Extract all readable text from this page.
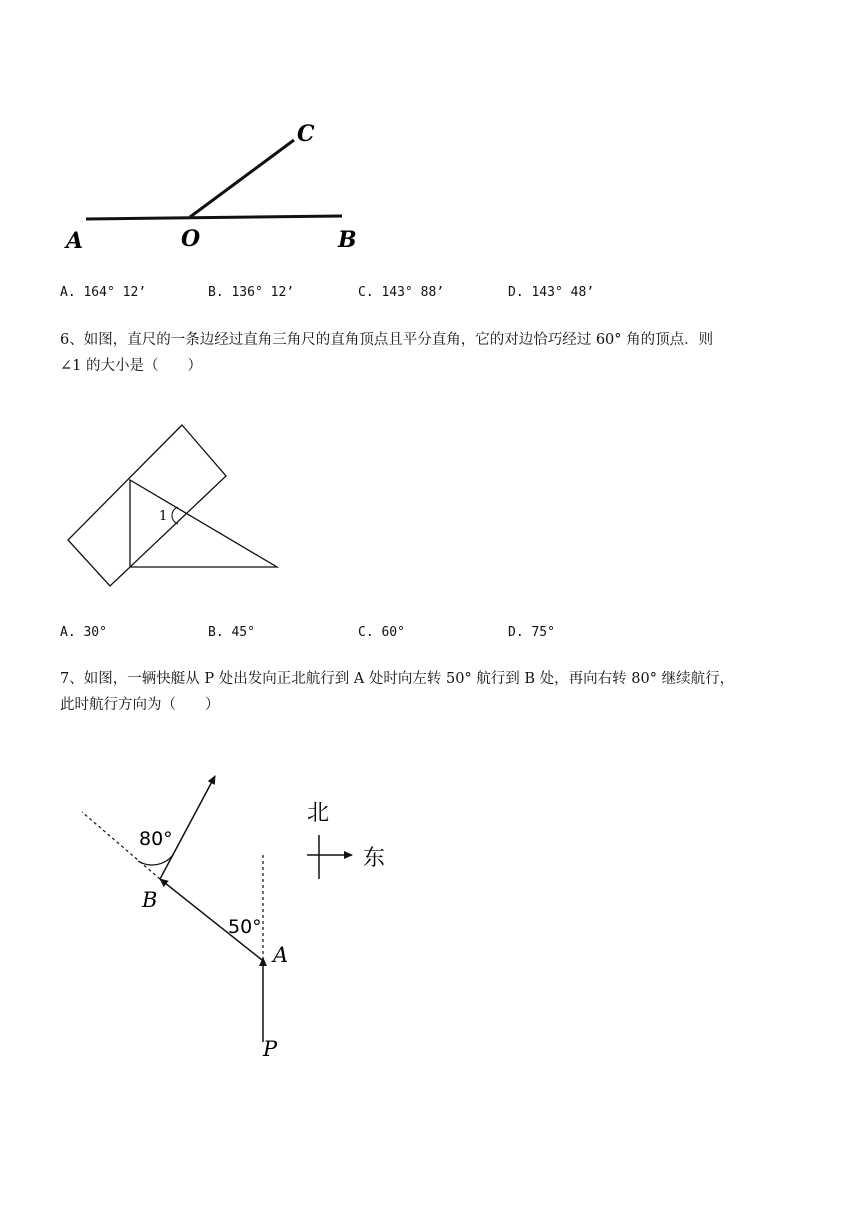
A	O	B
C
A. 164° 12’	B. 136° 12’	C. 143° 88’	D. 143° 48’
6、如图，直尺的一条边经过直角三角尺的直角顶点且平分直角，它的对边恰巧经过 60° 角的顶点．则
∠1 的大小是（　　）
1
A. 30°	B. 45°	C. 60°	D. 75°
7、如图，一辆快艇从 P 处出发向正北航行到 A 处时向左转 50° 航行到 B 处，再向右转 80° 继续航行，
此时航行方向为（　　）
80°
50°
B
A
P
北
东
